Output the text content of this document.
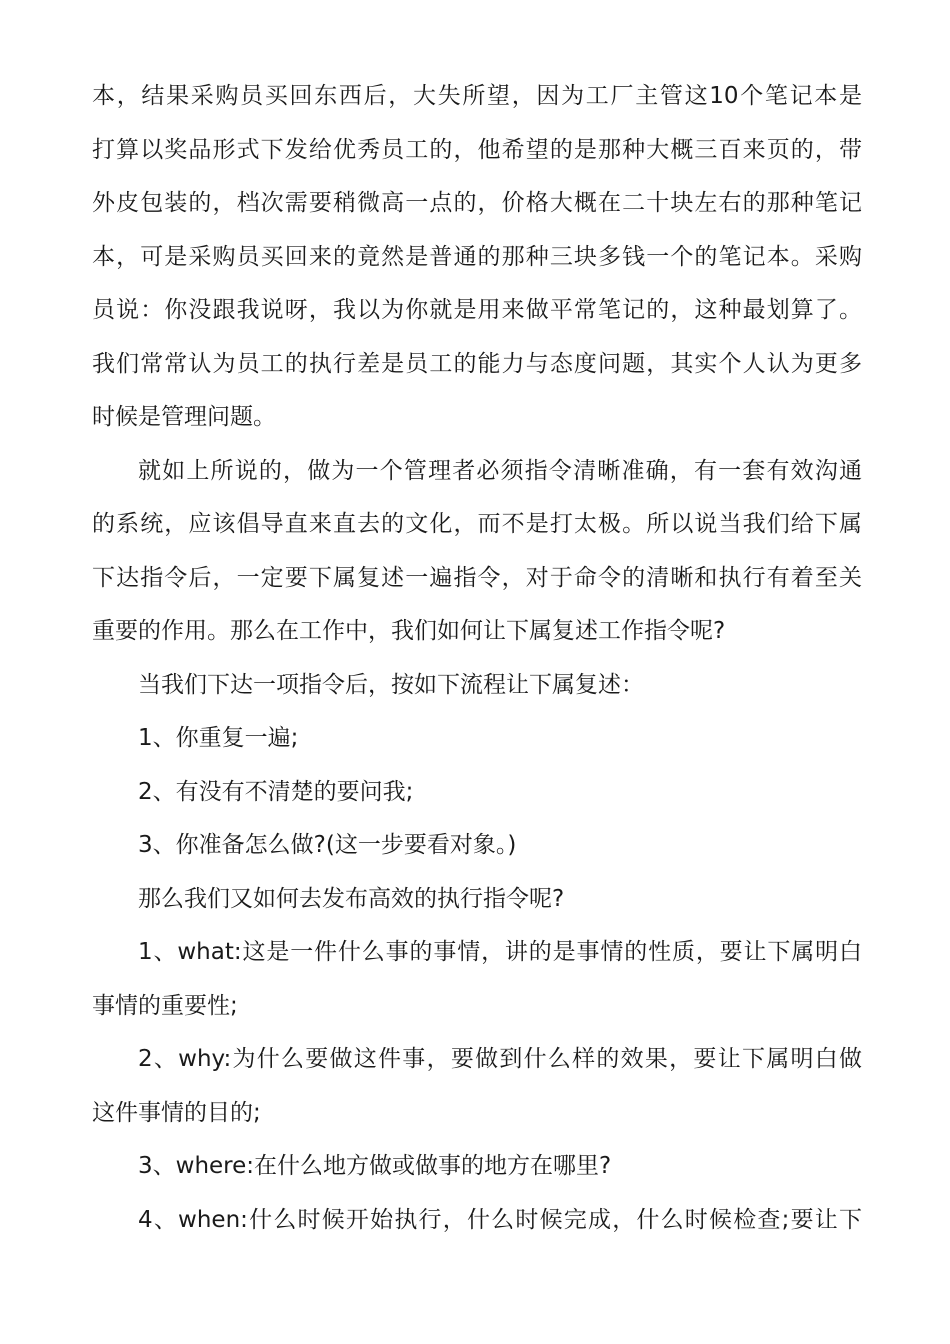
本，结果采购员买回东西后，大失所望，因为工厂主管这10个笔记本是
打算以奖品形式下发给优秀员工的，他希望的是那种大概三百来页的，带
外皮包装的，档次需要稍微高一点的，价格大概在二十块左右的那种笔记
本，可是采购员买回来的竟然是普通的那种三块多钱一个的笔记本。采购
员说：你没跟我说呀，我以为你就是用来做平常笔记的，这种最划算了。
我们常常认为员工的执行差是员工的能力与态度问题，其实个人认为更多
时候是管理问题。
就如上所说的，做为一个管理者必须指令清晰准确，有一套有效沟通
的系统，应该倡导直来直去的文化，而不是打太极。所以说当我们给下属
下达指令后，一定要下属复述一遍指令，对于命令的清晰和执行有着至关
重要的作用。那么在工作中，我们如何让下属复述工作指令呢?
当我们下达一项指令后，按如下流程让下属复述：
1、你重复一遍;
2、有没有不清楚的要问我;
3、你准备怎么做?(这一步要看对象。)
那么我们又如何去发布高效的执行指令呢?
1、what:这是一件什么事的事情，讲的是事情的性质，要让下属明白
事情的重要性;
2、why:为什么要做这件事，要做到什么样的效果，要让下属明白做
这件事情的目的;
3、where:在什么地方做或做事的地方在哪里?
4、when:什么时候开始执行，什么时候完成，什么时候检查;要让下
